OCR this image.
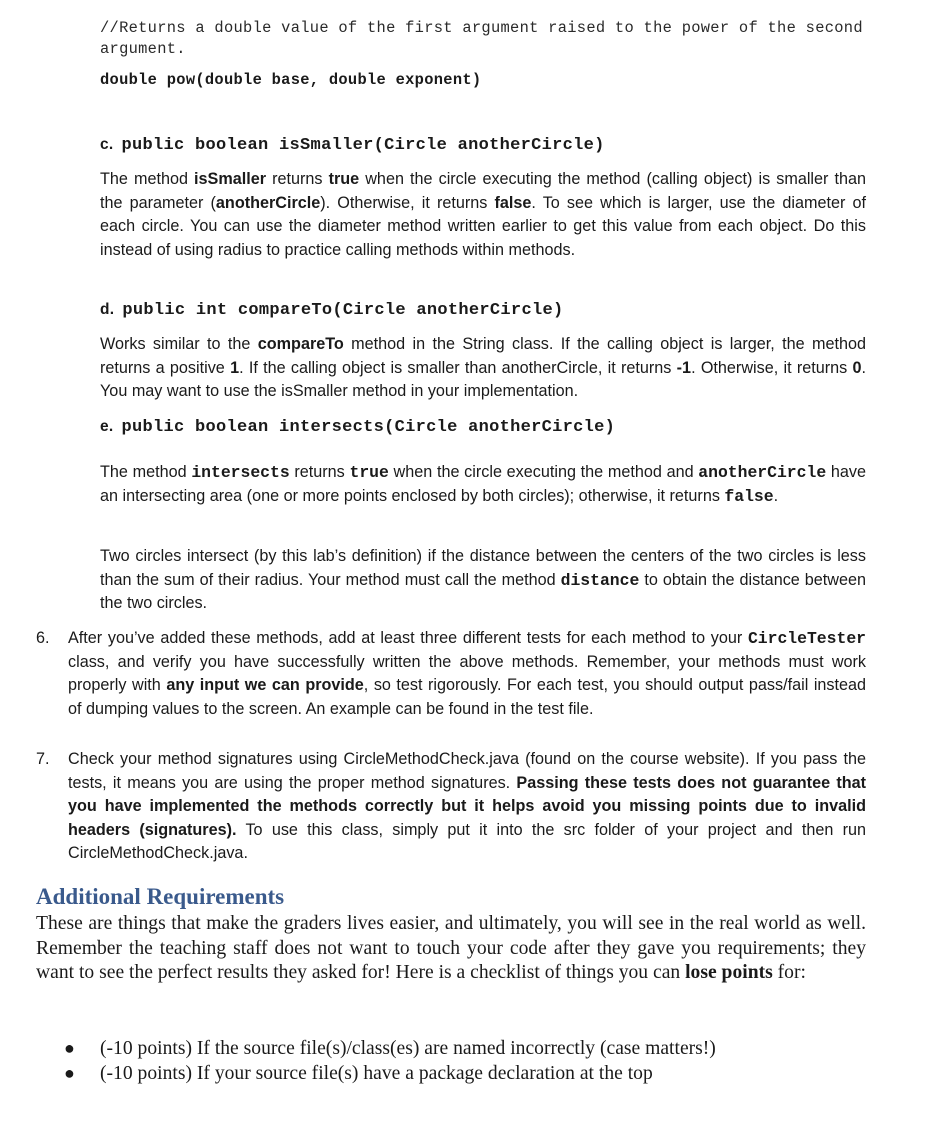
//Returns a double value of the first argument raised to the power of the second argument.
double pow(double base, double exponent)
c. public boolean isSmaller(Circle anotherCircle)
The method isSmaller returns true when the circle executing the method (calling object) is smaller than the parameter (anotherCircle). Otherwise, it returns false. To see which is larger, use the diameter of each circle. You can use the diameter method written earlier to get this value from each object. Do this instead of using radius to practice calling methods within methods.
d. public int compareTo(Circle anotherCircle)
Works similar to the compareTo method in the String class. If the calling object is larger, the method returns a positive 1. If the calling object is smaller than anotherCircle, it returns -1. Otherwise, it returns 0. You may want to use the isSmaller method in your implementation.
e. public boolean intersects(Circle anotherCircle)
The method intersects returns true when the circle executing the method and anotherCircle have an intersecting area (one or more points enclosed by both circles); otherwise, it returns false.
Two circles intersect (by this lab’s definition) if the distance between the centers of the two circles is less than the sum of their radius. Your method must call the method distance to obtain the distance between the two circles.
6. After you’ve added these methods, add at least three different tests for each method to your CircleTester class, and verify you have successfully written the above methods. Remember, your methods must work properly with any input we can provide, so test rigorously. For each test, you should output pass/fail instead of dumping values to the screen. An example can be found in the test file.
7. Check your method signatures using CircleMethodCheck.java (found on the course website). If you pass the tests, it means you are using the proper method signatures. Passing these tests does not guarantee that you have implemented the methods correctly but it helps avoid you missing points due to invalid headers (signatures). To use this class, simply put it into the src folder of your project and then run CircleMethodCheck.java.
Additional Requirements
These are things that make the graders lives easier, and ultimately, you will see in the real world as well. Remember the teaching staff does not want to touch your code after they gave you requirements; they want to see the perfect results they asked for! Here is a checklist of things you can lose points for:
● (-10 points) If the source file(s)/class(es) are named incorrectly (case matters!)
● (-10 points) If your source file(s) have a package declaration at the top
